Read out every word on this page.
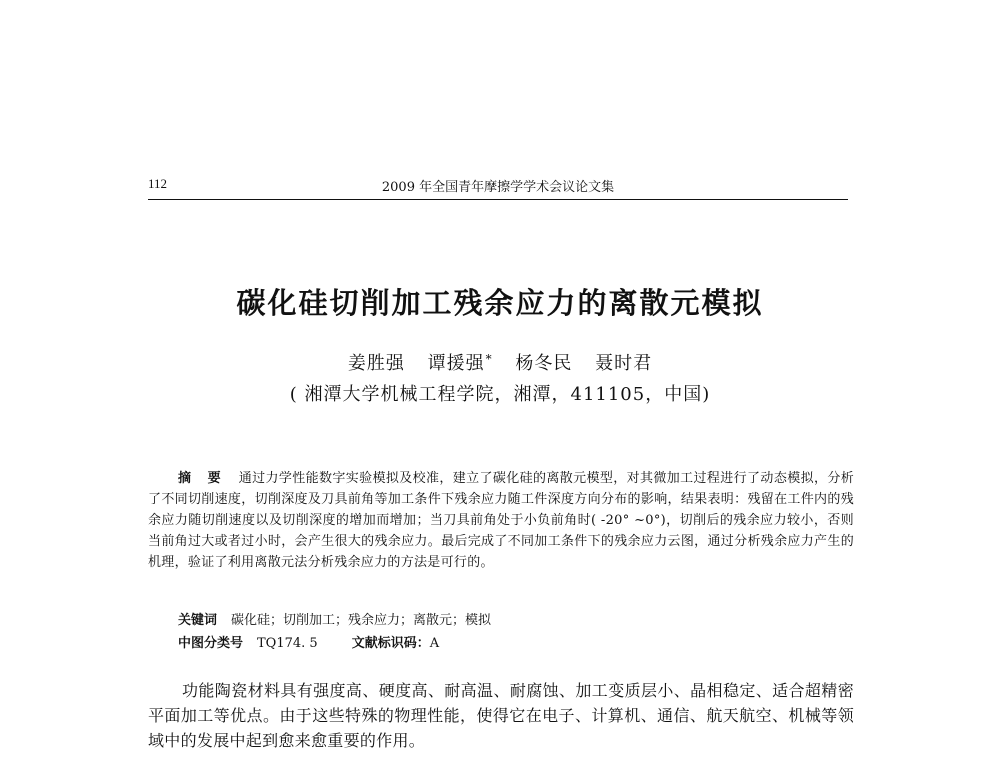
112	2009 年全国青年摩擦学学术会议论文集
碳化硅切削加工残余应力的离散元模拟
姜胜强 谭援强* 杨冬民 聂时君
( 湘潭大学机械工程学院，湘潭，411105，中国)
摘 要 通过力学性能数字实验模拟及校准，建立了碳化硅的离散元模型，对其微加工过程进行了动态模拟，分析了不同切削速度，切削深度及刀具前角等加工条件下残余应力随工件深度方向分布的影响，结果表明：残留在工件内的残余应力随切削速度以及切削深度的增加而增加；当刀具前角处于小负前角时( -20° ~0°)，切削后的残余应力较小，否则当前角过大或者过小时，会产生很大的残余应力。最后完成了不同加工条件下的残余应力云图，通过分析残余应力产生的机理，验证了利用离散元法分析残余应力的方法是可行的。
关键词 碳化硅；切削加工；残余应力；离散元；模拟
中图分类号 TQ174. 5	文献标识码：A
功能陶瓷材料具有强度高、硬度高、耐高温、耐腐蚀、加工变质层小、晶相稳定、适合超精密平面加工等优点。由于这些特殊的物理性能，使得它在电子、计算机、通信、航天航空、机械等领域中的发展中起到愈来愈重要的作用。
